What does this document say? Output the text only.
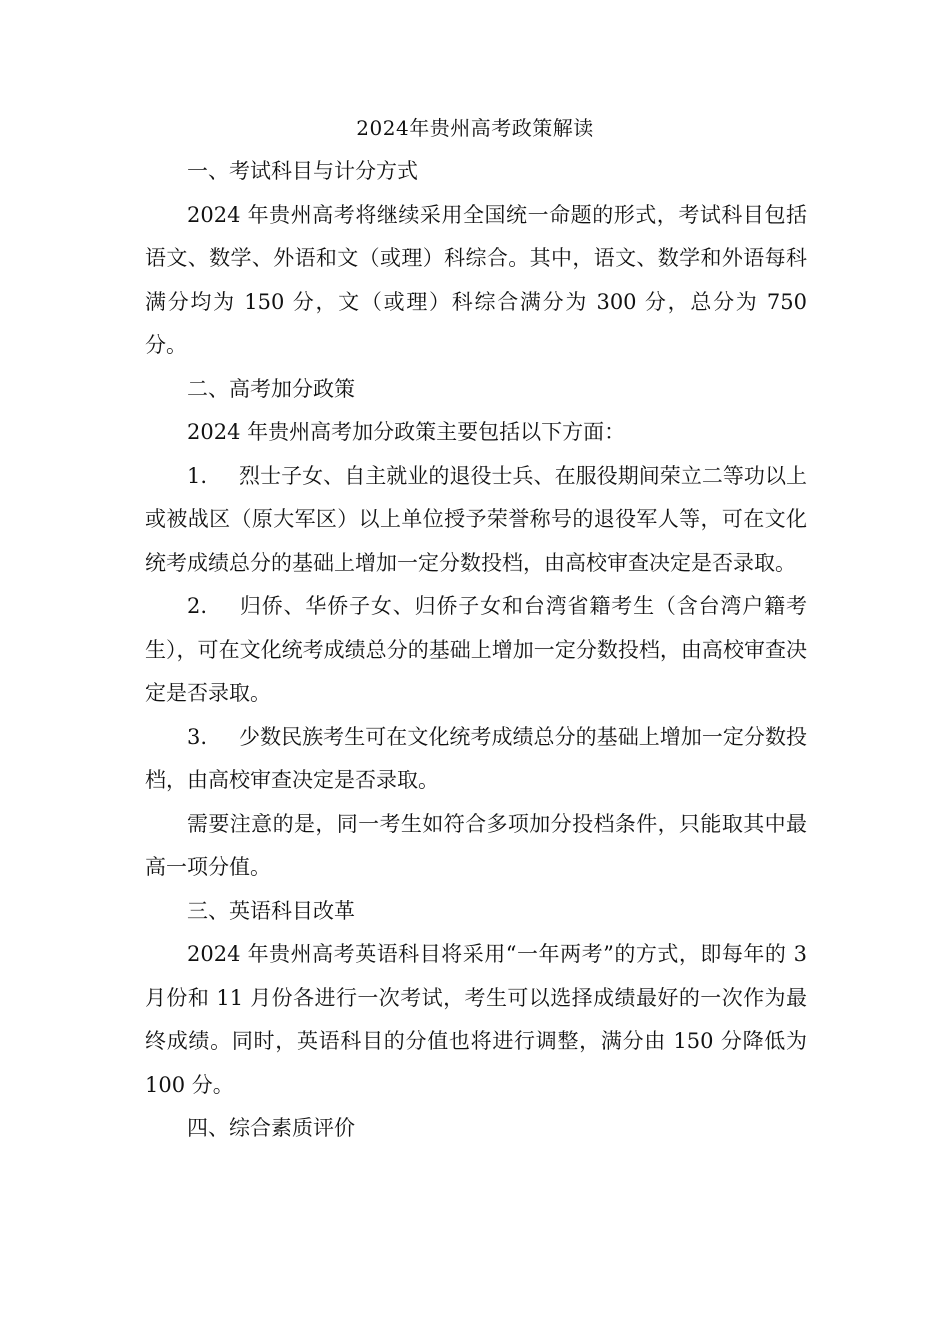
2024年贵州高考政策解读

一、考试科目与计分方式

2024 年贵州高考将继续采用全国统一命题的形式，考试科目包括语文、数学、外语和文（或理）科综合。其中，语文、数学和外语每科满分均为 150 分，文（或理）科综合满分为 300 分，总分为 750 分。

二、高考加分政策

2024 年贵州高考加分政策主要包括以下方面：

1. 烈士子女、自主就业的退役士兵、在服役期间荣立二等功以上或被战区（原大军区）以上单位授予荣誉称号的退役军人等，可在文化统考成绩总分的基础上增加一定分数投档，由高校审查决定是否录取。

2. 归侨、华侨子女、归侨子女和台湾省籍考生（含台湾户籍考生），可在文化统考成绩总分的基础上增加一定分数投档，由高校审查决定是否录取。

3. 少数民族考生可在文化统考成绩总分的基础上增加一定分数投档，由高校审查决定是否录取。

需要注意的是，同一考生如符合多项加分投档条件，只能取其中最高一项分值。

三、英语科目改革

2024 年贵州高考英语科目将采用“一年两考”的方式，即每年的 3 月份和 11 月份各进行一次考试，考生可以选择成绩最好的一次作为最终成绩。同时，英语科目的分值也将进行调整，满分由 150 分降低为 100 分。

四、综合素质评价
